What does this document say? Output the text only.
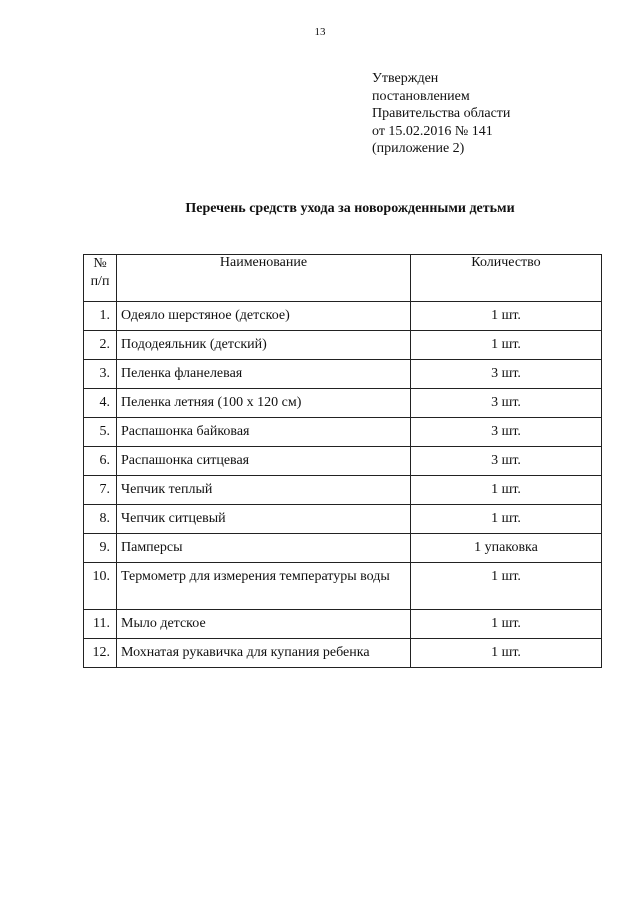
13
Утвержден
постановлением
Правительства области
от 15.02.2016 № 141
(приложение 2)
Перечень средств ухода за новорожденными детьми
№
п/п	Наименование	Количество
1.	Одеяло шерстяное (детское)	1 шт.
2.	Пододеяльник (детский)	1 шт.
3.	Пеленка фланелевая	3 шт.
4.	Пеленка летняя (100 х 120 см)	3 шт.
5.	Распашонка байковая	3 шт.
6.	Распашонка ситцевая	3 шт.
7.	Чепчик теплый	1 шт.
8.	Чепчик ситцевый	1 шт.
9.	Памперсы	1 упаковка
10.	Термометр для измерения температуры воды	1 шт.
11.	Мыло детское	1 шт.
12.	Мохнатая рукавичка для купания ребенка	1 шт.
